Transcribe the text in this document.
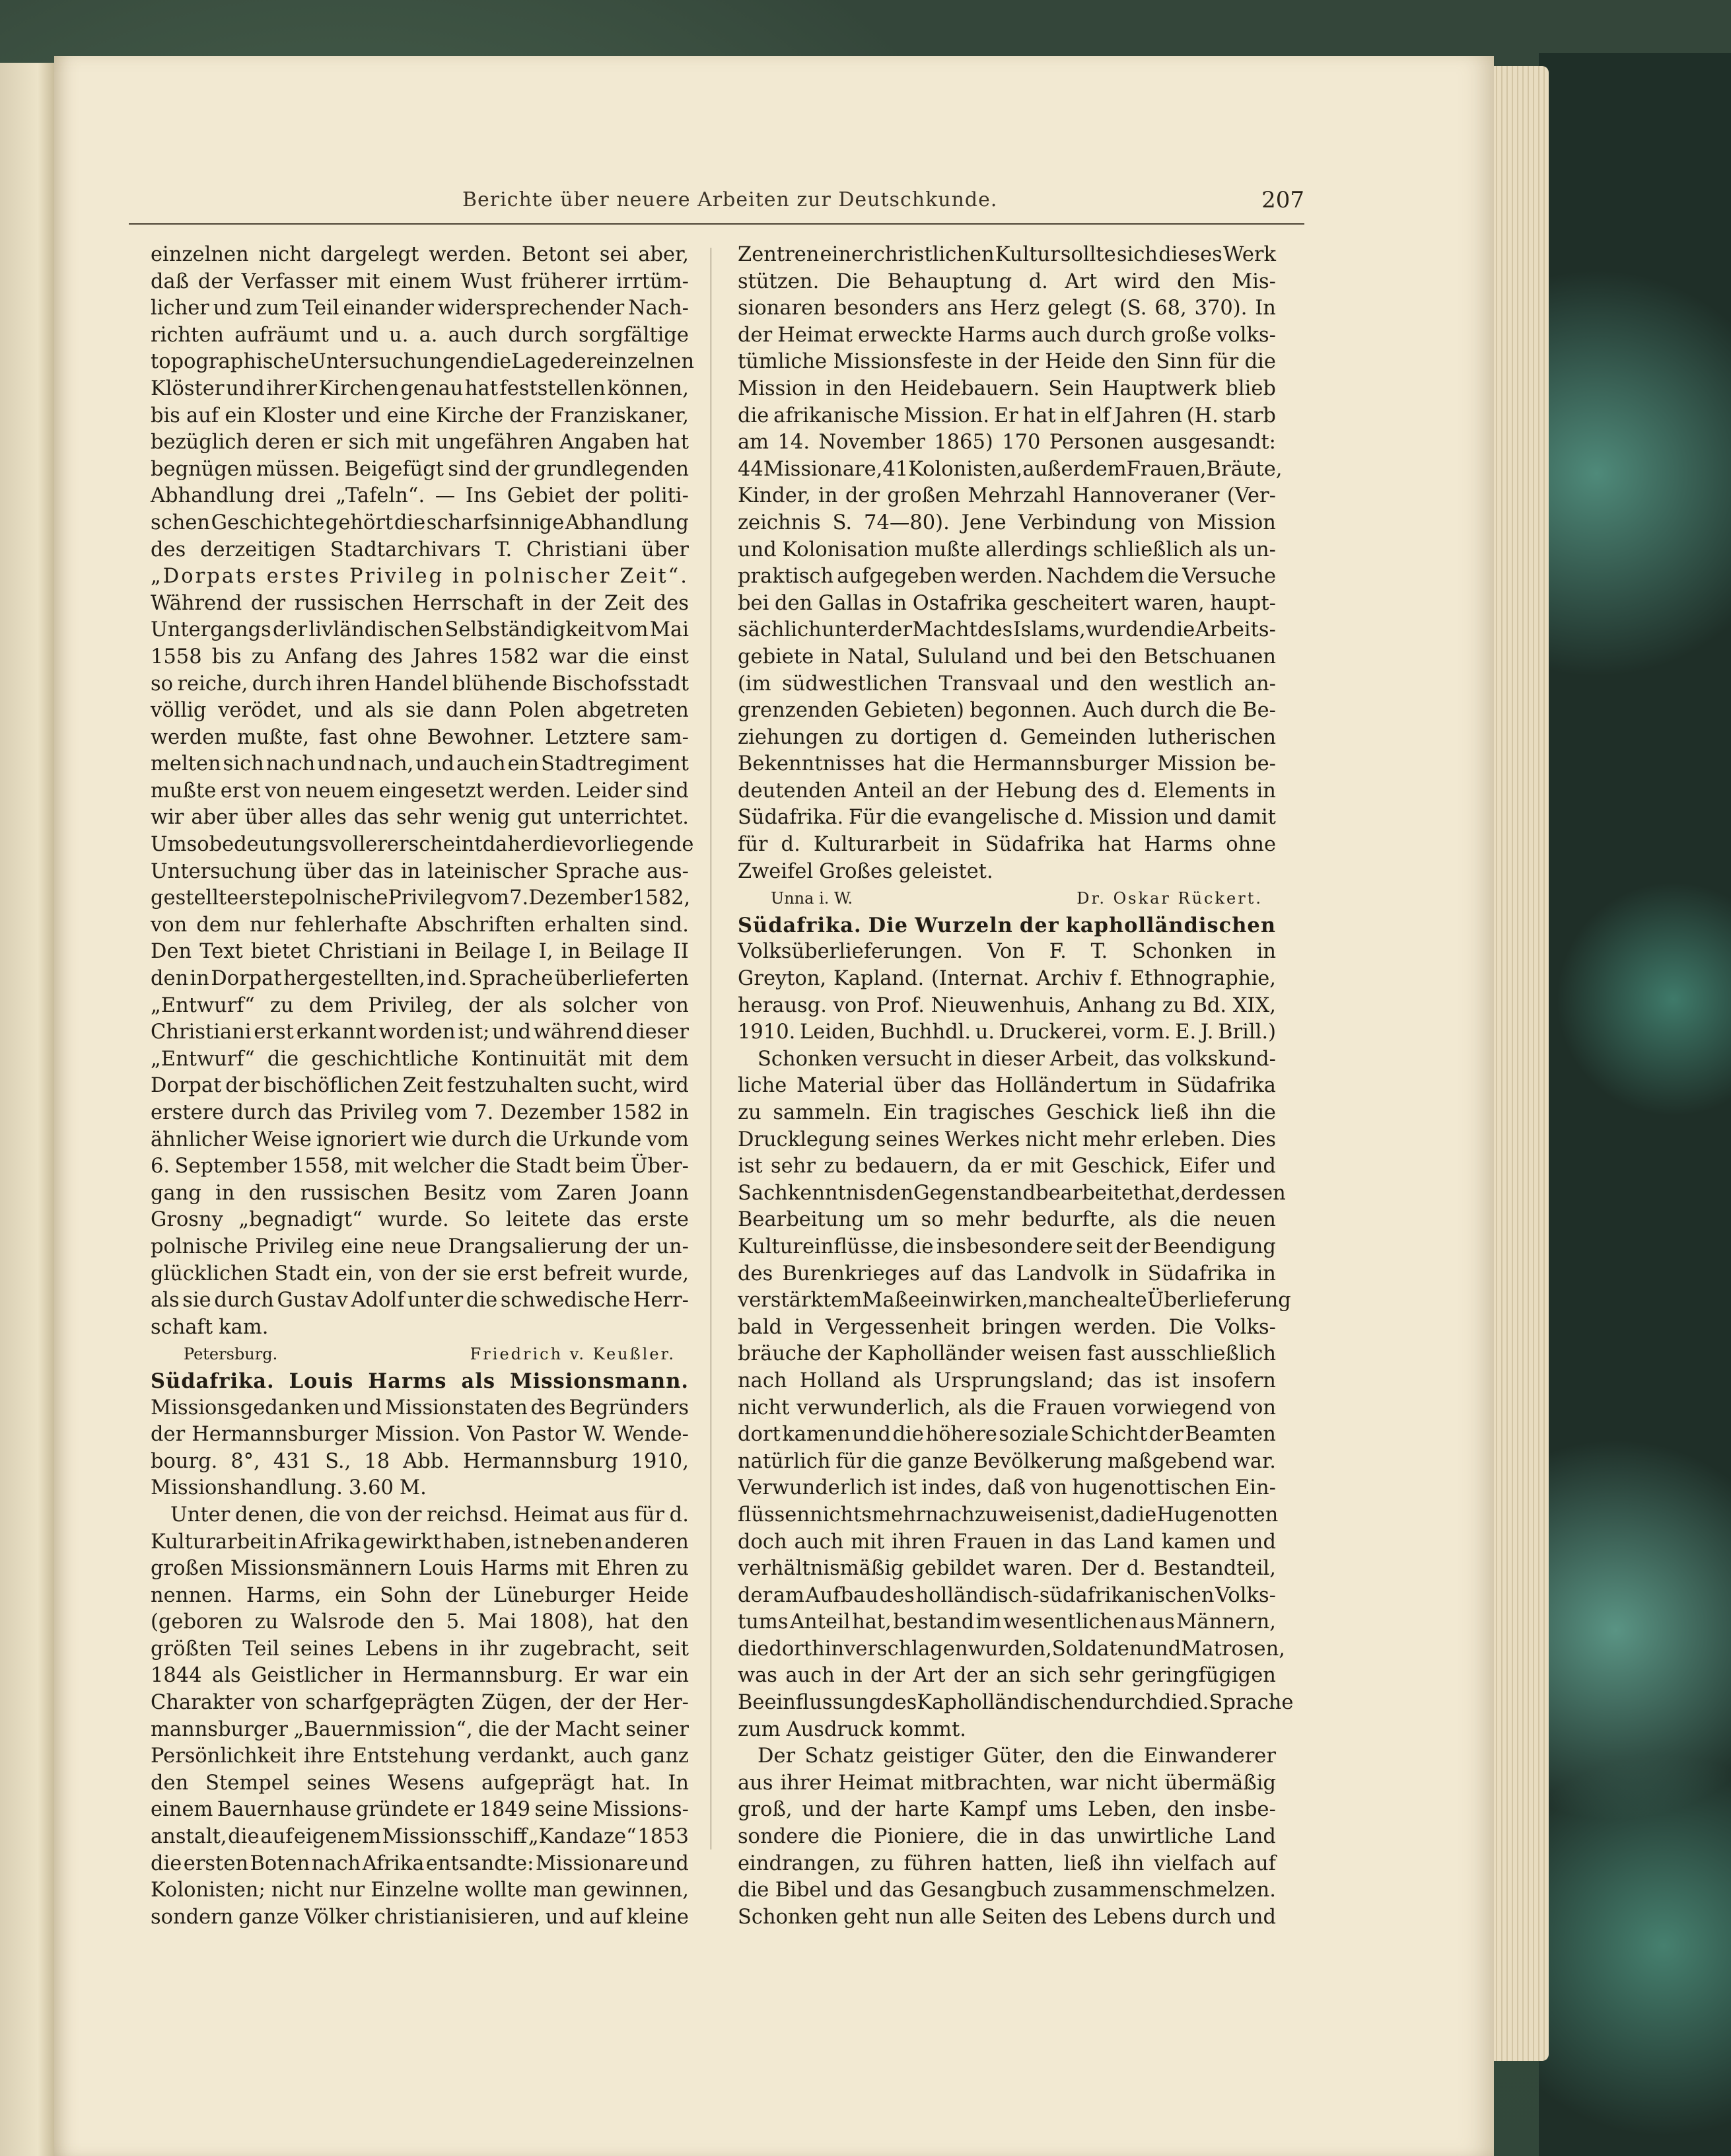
Berichte über neuere Arbeiten zur Deutschkunde.	207
einzelnen nicht dargelegt werden. Betont sei aber,
daß der Verfasser mit einem Wust früherer irrtüm-
licher und zum Teil einander widersprechender Nach-
richten aufräumt und u. a. auch durch sorgfältige
topographische Untersuchungen die Lage der einzelnen
Klöster und ihrer Kirchen genau hat feststellen können,
bis auf ein Kloster und eine Kirche der Franziskaner,
bezüglich deren er sich mit ungefähren Angaben hat
begnügen müssen. Beigefügt sind der grundlegenden
Abhandlung drei „Tafeln“. — Ins Gebiet der politi-
schen Geschichte gehört die scharfsinnige Abhandlung
des derzeitigen Stadtarchivars T. Christiani über
„Dorpats erstes Privileg in polnischer Zeit“.
Während der russischen Herrschaft in der Zeit des
Untergangs der livländischen Selbständigkeit vom Mai
1558 bis zu Anfang des Jahres 1582 war die einst
so reiche, durch ihren Handel blühende Bischofsstadt
völlig verödet, und als sie dann Polen abgetreten
werden mußte, fast ohne Bewohner. Letztere sam-
melten sich nach und nach, und auch ein Stadtregiment
mußte erst von neuem eingesetzt werden. Leider sind
wir aber über alles das sehr wenig gut unterrichtet.
Um so bedeutungsvoller erscheint daher die vorliegende
Untersuchung über das in lateinischer Sprache aus-
gestellte erste polnische Privileg vom 7. Dezember 1582,
von dem nur fehlerhafte Abschriften erhalten sind.
Den Text bietet Christiani in Beilage I, in Beilage II
den in Dorpat hergestellten, in d. Sprache überlieferten
„Entwurf“ zu dem Privileg, der als solcher von
Christiani erst erkannt worden ist; und während dieser
„Entwurf“ die geschichtliche Kontinuität mit dem
Dorpat der bischöflichen Zeit festzuhalten sucht, wird
erstere durch das Privileg vom 7. Dezember 1582 in
ähnlicher Weise ignoriert wie durch die Urkunde vom
6. September 1558, mit welcher die Stadt beim Über-
gang in den russischen Besitz vom Zaren Joann
Grosny „begnadigt“ wurde. So leitete das erste
polnische Privileg eine neue Drangsalierung der un-
glücklichen Stadt ein, von der sie erst befreit wurde,
als sie durch Gustav Adolf unter die schwedische Herr-
schaft kam.
Petersburg.	Friedrich v. Keußler.
Südafrika. Louis Harms als Missionsmann.
Missionsgedanken und Missionstaten des Begründers
der Hermannsburger Mission. Von Pastor W. Wende-
bourg. 8°, 431 S., 18 Abb. Hermannsburg 1910,
Missionshandlung. 3.60 M.
Unter denen, die von der reichsd. Heimat aus für d.
Kulturarbeit in Afrika gewirkt haben, ist neben anderen
großen Missionsmännern Louis Harms mit Ehren zu
nennen. Harms, ein Sohn der Lüneburger Heide
(geboren zu Walsrode den 5. Mai 1808), hat den
größten Teil seines Lebens in ihr zugebracht, seit
1844 als Geistlicher in Hermannsburg. Er war ein
Charakter von scharfgeprägten Zügen, der der Her-
mannsburger „Bauernmission“, die der Macht seiner
Persönlichkeit ihre Entstehung verdankt, auch ganz
den Stempel seines Wesens aufgeprägt hat. In
einem Bauernhause gründete er 1849 seine Missions-
anstalt, die auf eigenem Missionsschiff „Kandaze“ 1853
die ersten Boten nach Afrika entsandte: Missionare und
Kolonisten; nicht nur Einzelne wollte man gewinnen,
sondern ganze Völker christianisieren, und auf kleine
Zentren einer christlichen Kultur sollte sich dieses Werk
stützen. Die Behauptung d. Art wird den Mis-
sionaren besonders ans Herz gelegt (S. 68, 370). In
der Heimat erweckte Harms auch durch große volks-
tümliche Missionsfeste in der Heide den Sinn für die
Mission in den Heidebauern. Sein Hauptwerk blieb
die afrikanische Mission. Er hat in elf Jahren (H. starb
am 14. November 1865) 170 Personen ausgesandt:
44 Missionare, 41 Kolonisten, außerdem Frauen, Bräute,
Kinder, in der großen Mehrzahl Hannoveraner (Ver-
zeichnis S. 74—80). Jene Verbindung von Mission
und Kolonisation mußte allerdings schließlich als un-
praktisch aufgegeben werden. Nachdem die Versuche
bei den Gallas in Ostafrika gescheitert waren, haupt-
sächlich unter der Macht des Islams, wurden die Arbeits-
gebiete in Natal, Sululand und bei den Betschuanen
(im südwestlichen Transvaal und den westlich an-
grenzenden Gebieten) begonnen. Auch durch die Be-
ziehungen zu dortigen d. Gemeinden lutherischen
Bekenntnisses hat die Hermannsburger Mission be-
deutenden Anteil an der Hebung des d. Elements in
Südafrika. Für die evangelische d. Mission und damit
für d. Kulturarbeit in Südafrika hat Harms ohne
Zweifel Großes geleistet.
Unna i. W.	Dr. Oskar Rückert.
Südafrika. Die Wurzeln der kapholländischen
Volksüberlieferungen. Von F. T. Schonken in
Greyton, Kapland. (Internat. Archiv f. Ethnographie,
herausg. von Prof. Nieuwenhuis, Anhang zu Bd. XIX,
1910. Leiden, Buchhdl. u. Druckerei, vorm. E. J. Brill.)
Schonken versucht in dieser Arbeit, das volkskund-
liche Material über das Holländertum in Südafrika
zu sammeln. Ein tragisches Geschick ließ ihn die
Drucklegung seines Werkes nicht mehr erleben. Dies
ist sehr zu bedauern, da er mit Geschick, Eifer und
Sachkenntnis den Gegenstand bearbeitet hat, der dessen
Bearbeitung um so mehr bedurfte, als die neuen
Kultureinflüsse, die insbesondere seit der Beendigung
des Burenkrieges auf das Landvolk in Südafrika in
verstärktem Maße einwirken, manche alte Überlieferung
bald in Vergessenheit bringen werden. Die Volks-
bräuche der Kapholländer weisen fast ausschließlich
nach Holland als Ursprungsland; das ist insofern
nicht verwunderlich, als die Frauen vorwiegend von
dort kamen und die höhere soziale Schicht der Beamten
natürlich für die ganze Bevölkerung maßgebend war.
Verwunderlich ist indes, daß von hugenottischen Ein-
flüssen nichts mehr nachzuweisen ist, da die Hugenotten
doch auch mit ihren Frauen in das Land kamen und
verhältnismäßig gebildet waren. Der d. Bestandteil,
der am Aufbau des holländisch-südafrikanischen Volks-
tums Anteil hat, bestand im wesentlichen aus Männern,
die dorthin verschlagen wurden, Soldaten und Matrosen,
was auch in der Art der an sich sehr geringfügigen
Beeinflussung des Kapholländischen durch die d. Sprache
zum Ausdruck kommt.
Der Schatz geistiger Güter, den die Einwanderer
aus ihrer Heimat mitbrachten, war nicht übermäßig
groß, und der harte Kampf ums Leben, den insbe-
sondere die Pioniere, die in das unwirtliche Land
eindrangen, zu führen hatten, ließ ihn vielfach auf
die Bibel und das Gesangbuch zusammenschmelzen.
Schonken geht nun alle Seiten des Lebens durch und
